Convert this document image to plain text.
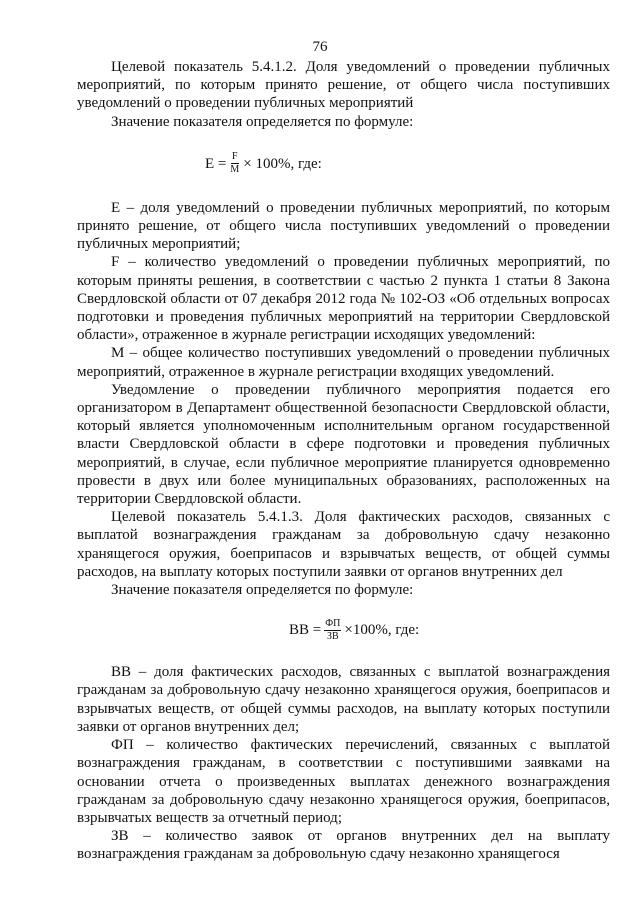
76

Целевой показатель 5.4.1.2. Доля уведомлений о проведении публичных мероприятий, по которым принято решение, от общего числа поступивших уведомлений о проведении публичных мероприятий

Значение показателя определяется по формуле:

$E = \frac{F}{M} \times 100\%$, где:

E – доля уведомлений о проведении публичных мероприятий, по которым принято решение, от общего числа поступивших уведомлений о проведении публичных мероприятий;

F – количество уведомлений о проведении публичных мероприятий, по которым приняты решения, в соответствии с частью 2 пункта 1 статьи 8 Закона Свердловской области от 07 декабря 2012 года № 102-ОЗ «Об отдельных вопросах подготовки и проведения публичных мероприятий на территории Свердловской области», отраженное в журнале регистрации исходящих уведомлений:

M – общее количество поступивших уведомлений о проведении публичных мероприятий, отраженное в журнале регистрации входящих уведомлений.

Уведомление о проведении публичного мероприятия подается его организатором в Департамент общественной безопасности Свердловской области, который является уполномоченным исполнительным органом государственной власти Свердловской области в сфере подготовки и проведения публичных мероприятий, в случае, если публичное мероприятие планируется одновременно провести в двух или более муниципальных образованиях, расположенных на территории Свердловской области.

Целевой показатель 5.4.1.3. Доля фактических расходов, связанных с выплатой вознаграждения гражданам за добровольную сдачу незаконно хранящегося оружия, боеприпасов и взрывчатых веществ, от общей суммы расходов, на выплату которых поступили заявки от органов внутренних дел

Значение показателя определяется по формуле:

BB = $\frac{ФП}{ЗВ} \times 100\%$, где:

BB – доля фактических расходов, связанных с выплатой вознаграждения гражданам за добровольную сдачу незаконно хранящегося оружия, боеприпасов и взрывчатых веществ, от общей суммы расходов, на выплату которых поступили заявки от органов внутренних дел;

ФП – количество фактических перечислений, связанных с выплатой вознаграждения гражданам, в соответствии с поступившими заявками на основании отчета о произведенных выплатах денежного вознаграждения гражданам за добровольную сдачу незаконно хранящегося оружия, боеприпасов, взрывчатых веществ за отчетный период;

ЗВ – количество заявок от органов внутренних дел на выплату вознаграждения гражданам за добровольную сдачу незаконно хранящегося
